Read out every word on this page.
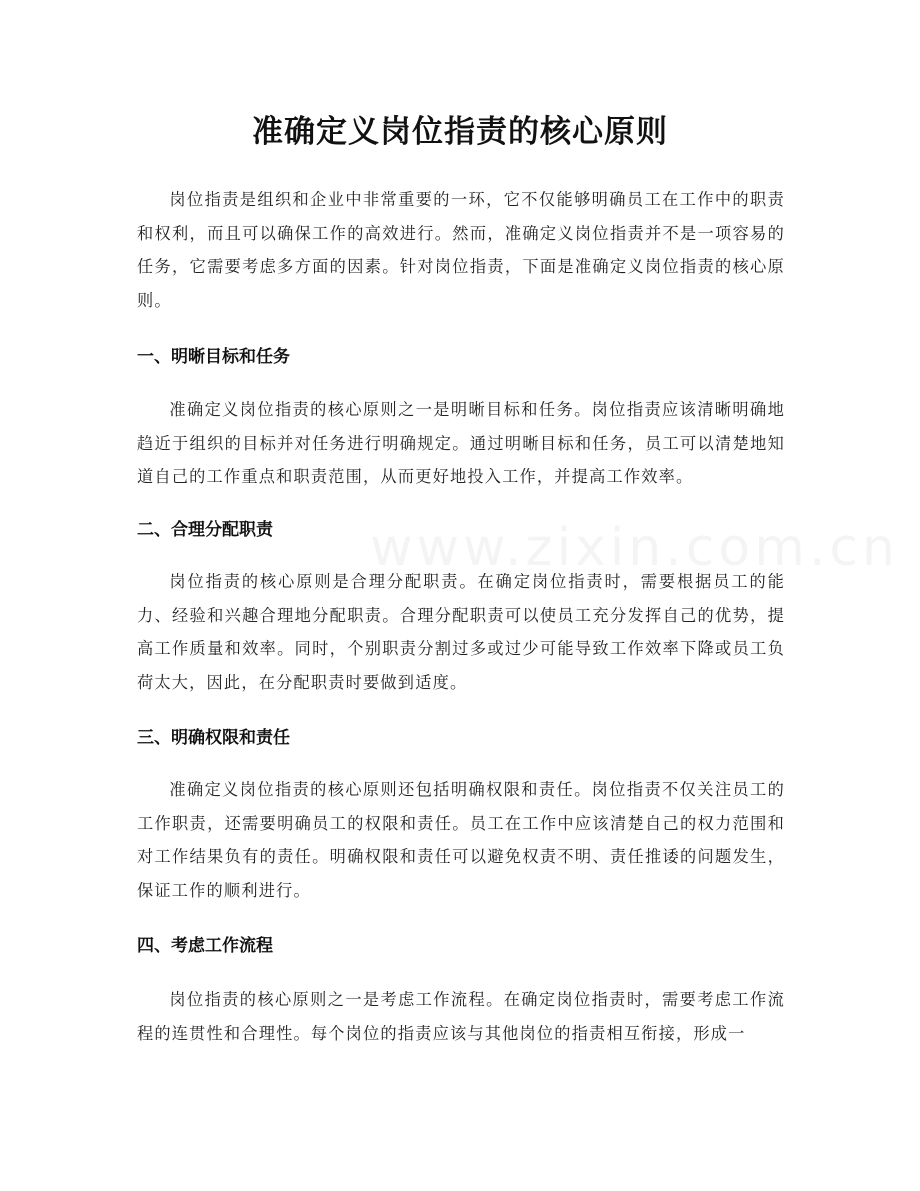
准确定义岗位指责的核心原则

岗位指责是组织和企业中非常重要的一环，它不仅能够明确员工在工作中的职责和权利，而且可以确保工作的高效进行。然而，准确定义岗位指责并不是一项容易的任务，它需要考虑多方面的因素。针对岗位指责，下面是准确定义岗位指责的核心原则。

一、明晰目标和任务

准确定义岗位指责的核心原则之一是明晰目标和任务。岗位指责应该清晰明确地趋近于组织的目标并对任务进行明确规定。通过明晰目标和任务，员工可以清楚地知道自己的工作重点和职责范围，从而更好地投入工作，并提高工作效率。

二、合理分配职责

岗位指责的核心原则是合理分配职责。在确定岗位指责时，需要根据员工的能力、经验和兴趣合理地分配职责。合理分配职责可以使员工充分发挥自己的优势，提高工作质量和效率。同时，个别职责分割过多或过少可能导致工作效率下降或员工负荷太大，因此，在分配职责时要做到适度。

三、明确权限和责任

准确定义岗位指责的核心原则还包括明确权限和责任。岗位指责不仅关注员工的工作职责，还需要明确员工的权限和责任。员工在工作中应该清楚自己的权力范围和对工作结果负有的责任。明确权限和责任可以避免权责不明、责任推诿的问题发生，保证工作的顺利进行。

四、考虑工作流程

岗位指责的核心原则之一是考虑工作流程。在确定岗位指责时，需要考虑工作流程的连贯性和合理性。每个岗位的指责应该与其他岗位的指责相互衔接，形成一
